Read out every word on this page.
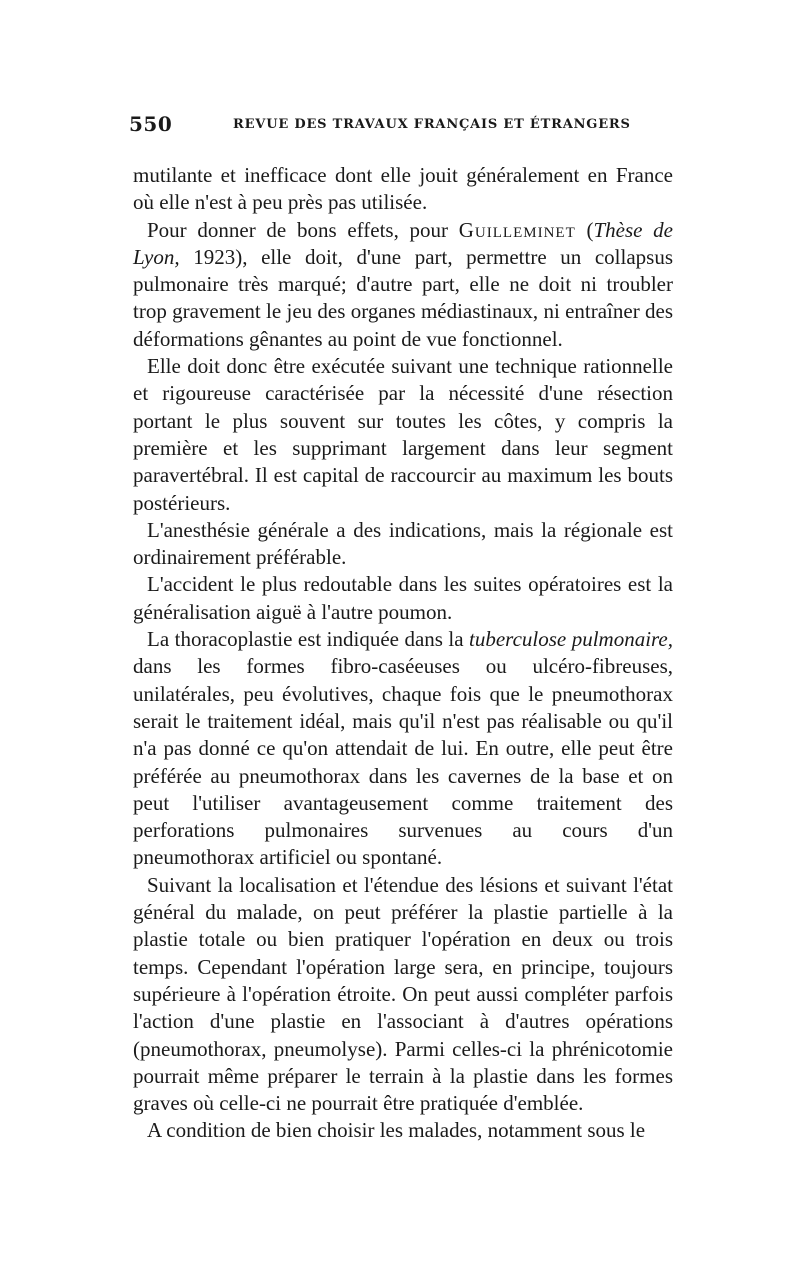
550	REVUE DES TRAVAUX FRANÇAIS ET ÉTRANGERS

mutilante et inefficace dont elle jouit généralement en France où elle n'est à peu près pas utilisée.

Pour donner de bons effets, pour Guilleminet (Thèse de Lyon, 1923), elle doit, d'une part, permettre un collapsus pulmonaire très marqué; d'autre part, elle ne doit ni troubler trop gravement le jeu des organes médiastinaux, ni entraîner des déformations gênantes au point de vue fonctionnel.

Elle doit donc être exécutée suivant une technique rationnelle et rigoureuse caractérisée par la nécessité d'une résection portant le plus souvent sur toutes les côtes, y compris la première et les supprimant largement dans leur segment paravertébral. Il est capital de raccourcir au maximum les bouts postérieurs.

L'anesthésie générale a des indications, mais la régionale est ordinairement préférable.

L'accident le plus redoutable dans les suites opératoires est la généralisation aiguë à l'autre poumon.

La thoracoplastie est indiquée dans la tuberculose pulmonaire, dans les formes fibro-caséeuses ou ulcéro-fibreuses, unilatérales, peu évolutives, chaque fois que le pneumothorax serait le traitement idéal, mais qu'il n'est pas réalisable ou qu'il n'a pas donné ce qu'on attendait de lui. En outre, elle peut être préférée au pneumothorax dans les cavernes de la base et on peut l'utiliser avantageusement comme traitement des perforations pulmonaires survenues au cours d'un pneumothorax artificiel ou spontané.

Suivant la localisation et l'étendue des lésions et suivant l'état général du malade, on peut préférer la plastie partielle à la plastie totale ou bien pratiquer l'opération en deux ou trois temps. Cependant l'opération large sera, en principe, toujours supérieure à l'opération étroite. On peut aussi compléter parfois l'action d'une plastie en l'associant à d'autres opérations (pneumothorax, pneumolyse). Parmi celles-ci la phrénicotomie pourrait même préparer le terrain à la plastie dans les formes graves où celle-ci ne pourrait être pratiquée d'emblée.

A condition de bien choisir les malades, notamment sous le
